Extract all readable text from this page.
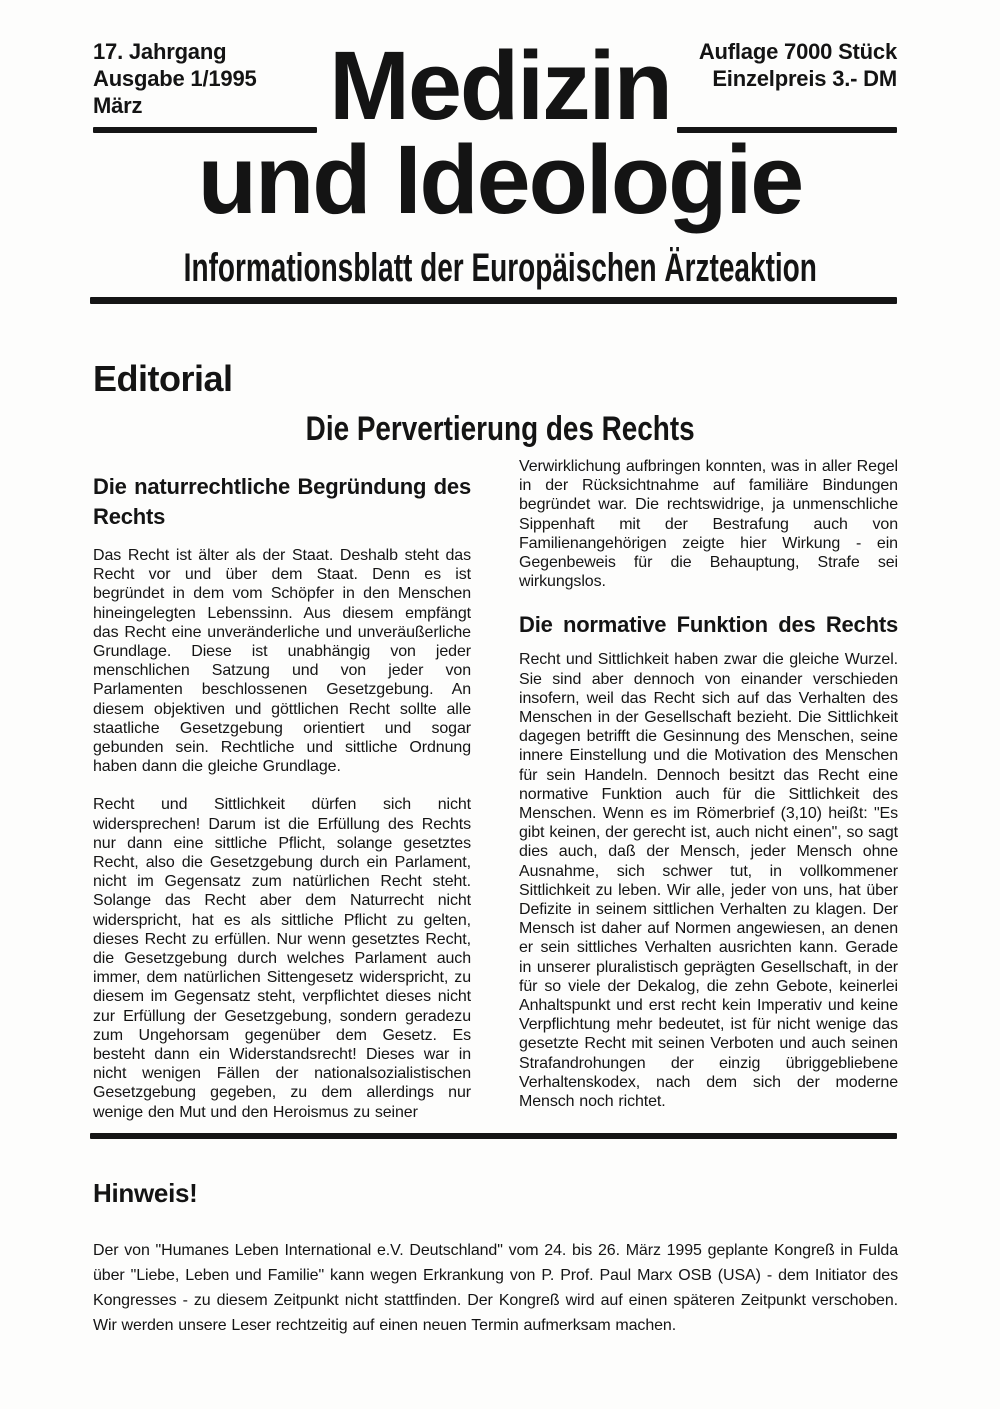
17. Jahrgang
Ausgabe 1/1995
März
Auflage 7000 Stück
Einzelpreis 3.- DM
Medizin
und Ideologie
Informationsblatt der Europäischen Ärzteaktion
Editorial
Die Pervertierung des Rechts
Die naturrechtliche Begründung des
Rechts

Das Recht ist älter als der Staat. Deshalb steht das Recht vor und über dem Staat. Denn es ist begründet in dem vom Schöpfer in den Menschen hineingelegten Lebenssinn. Aus diesem empfängt das Recht eine unveränderliche und unveräußerliche Grundlage. Diese ist unabhängig von jeder menschlichen Satzung und von jeder von Parlamenten beschlossenen Gesetzgebung. An diesem objektiven und göttlichen Recht sollte alle staatliche Gesetzgebung orientiert und sogar gebunden sein. Rechtliche und sittliche Ordnung haben dann die gleiche Grundlage.

Recht und Sittlichkeit dürfen sich nicht widersprechen! Darum ist die Erfüllung des Rechts nur dann eine sittliche Pflicht, solange gesetztes Recht, also die Gesetzgebung durch ein Parlament, nicht im Gegensatz zum natürlichen Recht steht. Solange das Recht aber dem Naturrecht nicht widerspricht, hat es als sittliche Pflicht zu gelten, dieses Recht zu erfüllen. Nur wenn gesetztes Recht, die Gesetzgebung durch welches Parlament auch immer, dem natürlichen Sittengesetz widerspricht, zu diesem im Gegensatz steht, verpflichtet dieses nicht zur Erfüllung der Gesetzgebung, sondern geradezu zum Ungehorsam gegenüber dem Gesetz. Es besteht dann ein Widerstandsrecht! Dieses war in nicht wenigen Fällen der nationalsozialistischen Gesetzgebung gegeben, zu dem allerdings nur wenige den Mut und den Heroismus zu seiner

Verwirklichung aufbringen konnten, was in aller Regel in der Rücksichtnahme auf familiäre Bindungen begründet war. Die rechtswidrige, ja unmenschliche Sippenhaft mit der Bestrafung auch von Familienangehörigen zeigte hier Wirkung - ein Gegenbeweis für die Behauptung, Strafe sei wirkungslos.

Die normative Funktion des Rechts

Recht und Sittlichkeit haben zwar die gleiche Wurzel. Sie sind aber dennoch von einander verschieden insofern, weil das Recht sich auf das Verhalten des Menschen in der Gesellschaft bezieht. Die Sittlichkeit dagegen betrifft die Gesinnung des Menschen, seine innere Einstellung und die Motivation des Menschen für sein Handeln. Dennoch besitzt das Recht eine normative Funktion auch für die Sittlichkeit des Menschen. Wenn es im Römerbrief (3,10) heißt: "Es gibt keinen, der gerecht ist, auch nicht einen", so sagt dies auch, daß der Mensch, jeder Mensch ohne Ausnahme, sich schwer tut, in vollkommener Sittlichkeit zu leben. Wir alle, jeder von uns, hat über Defizite in seinem sittlichen Verhalten zu klagen. Der Mensch ist daher auf Normen angewiesen, an denen er sein sittliches Verhalten ausrichten kann. Gerade in unserer pluralistisch geprägten Gesellschaft, in der für so viele der Dekalog, die zehn Gebote, keinerlei Anhaltspunkt und erst recht kein Imperativ und keine Verpflichtung mehr bedeutet, ist für nicht wenige das gesetzte Recht mit seinen Verboten und auch seinen Strafandrohungen der einzig übriggebliebene Verhaltenskodex, nach dem sich der moderne Mensch noch richtet.

Hinweis!
Der von "Humanes Leben International e.V. Deutschland" vom 24. bis 26. März 1995 geplante Kongreß in Fulda über "Liebe, Leben und Familie" kann wegen Erkrankung von P. Prof. Paul Marx OSB (USA) - dem Initiator des Kongresses - zu diesem Zeitpunkt nicht stattfinden. Der Kongreß wird auf einen späteren Zeitpunkt verschoben. Wir werden unsere Leser rechtzeitig auf einen neuen Termin aufmerksam machen.
